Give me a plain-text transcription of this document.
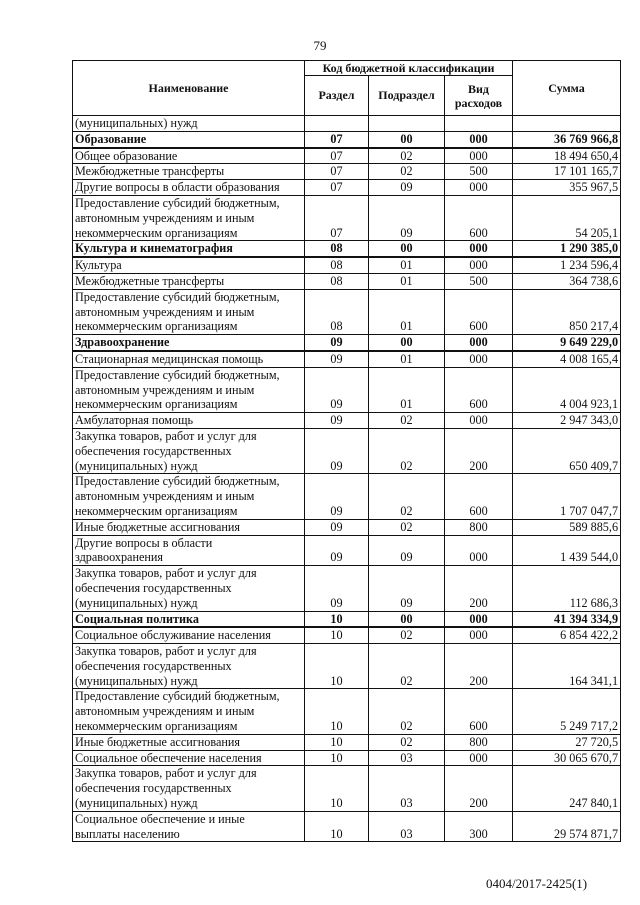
79
Наименование	Код бюджетной классификации			Сумма
	Раздел	Подраздел	Вид расходов	

(муниципальных) нужд				

Образование	07	00	000	36 769 966,8

Общее образование	07	02	000	18 494 650,4

Межбюджетные трансферты	07	02	500	17 101 165,7

Другие вопросы в области образования	07	09	000	355 967,5

Предоставление субсидий бюджетным,
автономным учреждениям и иным
некоммерческим организациям	07	09	600	54 205,1

Культура и кинематография	08	00	000	1 290 385,0

Культура	08	01	000	1 234 596,4

Межбюджетные трансферты	08	01	500	364 738,6

Предоставление субсидий бюджетным,
автономным учреждениям и иным
некоммерческим организациям	08	01	600	850 217,4

Здравоохранение	09	00	000	9 649 229,0

Стационарная медицинская помощь	09	01	000	4 008 165,4

Предоставление субсидий бюджетным,
автономным учреждениям и иным
некоммерческим организациям	09	01	600	4 004 923,1

Амбулаторная помощь	09	02	000	2 947 343,0

Закупка товаров, работ и услуг для
обеспечения государственных
(муниципальных) нужд	09	02	200	650 409,7

Предоставление субсидий бюджетным,
автономным учреждениям и иным
некоммерческим организациям	09	02	600	1 707 047,7

Иные бюджетные ассигнования	09	02	800	589 885,6

Другие вопросы в области
здравоохранения	09	09	000	1 439 544,0

Закупка товаров, работ и услуг для
обеспечения государственных
(муниципальных) нужд	09	09	200	112 686,3

Социальная политика	10	00	000	41 394 334,9

Социальное обслуживание населения	10	02	000	6 854 422,2

Закупка товаров, работ и услуг для
обеспечения государственных
(муниципальных) нужд	10	02	200	164 341,1

Предоставление субсидий бюджетным,
автономным учреждениям и иным
некоммерческим организациям	10	02	600	5 249 717,2

Иные бюджетные ассигнования	10	02	800	27 720,5

Социальное обеспечение населения	10	03	000	30 065 670,7

Закупка товаров, работ и услуг для
обеспечения государственных
(муниципальных) нужд	10	03	200	247 840,1

Социальное обеспечение и иные
выплаты населению	10	03	300	29 574 871,7
0404/2017-2425(1)
